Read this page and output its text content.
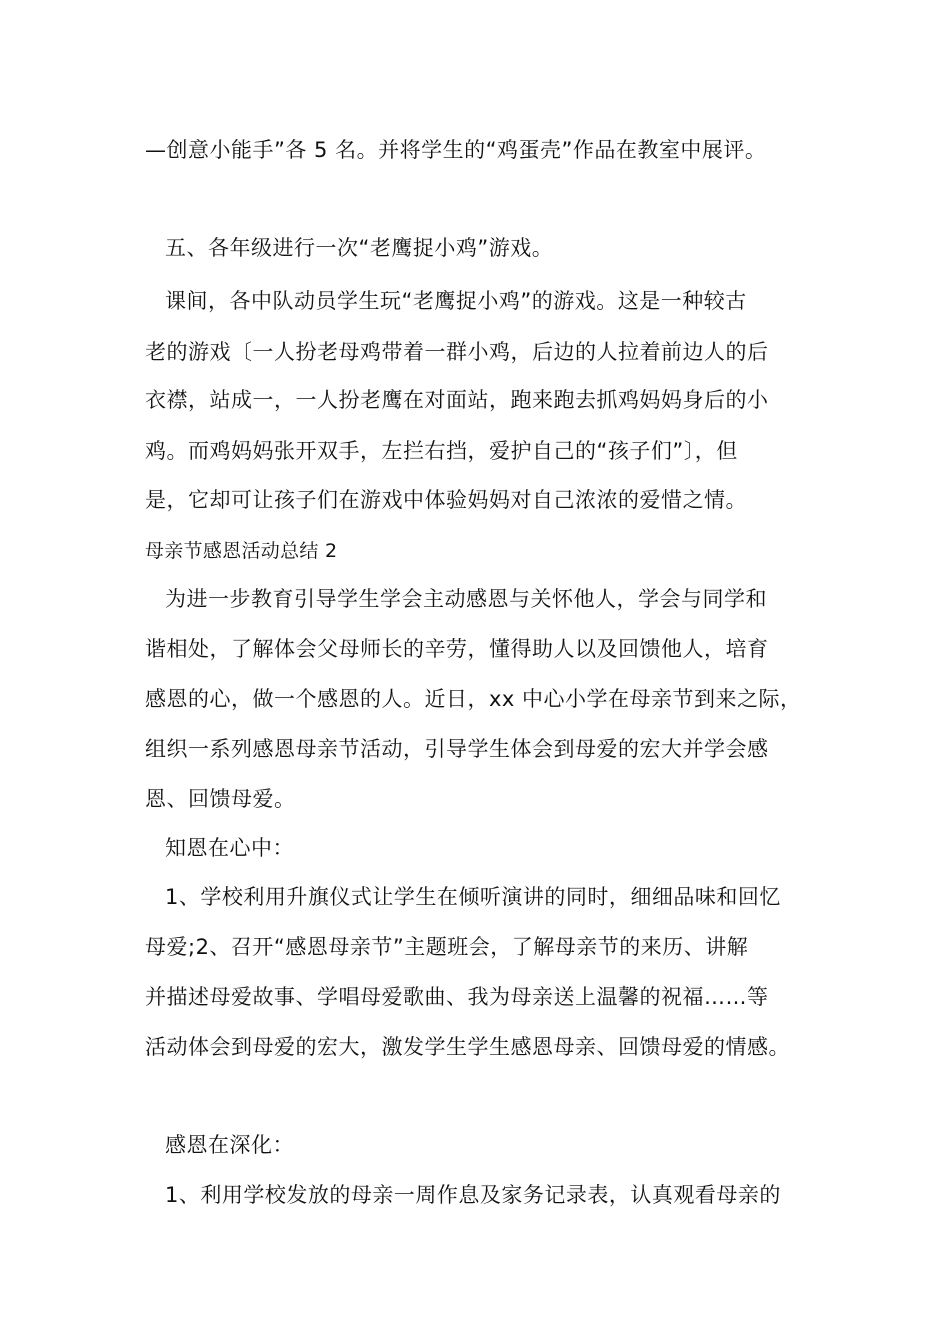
—创意小能手”各 5 名。并将学生的“鸡蛋壳”作品在教室中展评。
五、各年级进行一次“老鹰捉小鸡”游戏。
课间，各中队动员学生玩“老鹰捉小鸡”的游戏。这是一种较古
老的游戏〔一人扮老母鸡带着一群小鸡，后边的人拉着前边人的后
衣襟，站成一，一人扮老鹰在对面站，跑来跑去抓鸡妈妈身后的小
鸡。而鸡妈妈张开双手，左拦右挡，爱护自己的“孩子们”〕，但
是，它却可让孩子们在游戏中体验妈妈对自己浓浓的爱惜之情。
母亲节感恩活动总结 2
为进一步教育引导学生学会主动感恩与关怀他人，学会与同学和
谐相处，了解体会父母师长的辛劳，懂得助人以及回馈他人，培育
感恩的心，做一个感恩的人。近日，xx 中心小学在母亲节到来之际，
组织一系列感恩母亲节活动，引导学生体会到母爱的宏大并学会感
恩、回馈母爱。
知恩在心中：
1、学校利用升旗仪式让学生在倾听演讲的同时，细细品味和回忆
母爱;2、召开“感恩母亲节”主题班会，了解母亲节的来历、讲解
并描述母爱故事、学唱母爱歌曲、我为母亲送上温馨的祝福……等
活动体会到母爱的宏大，激发学生学生感恩母亲、回馈母爱的情感。
感恩在深化：
1、利用学校发放的母亲一周作息及家务记录表，认真观看母亲的
